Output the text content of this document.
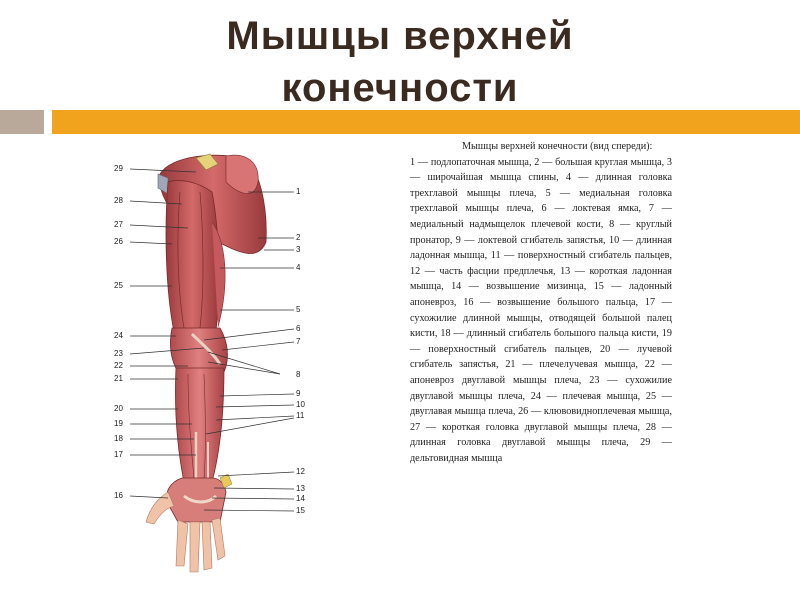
Мышцы верхней
конечности
29
28
27
26
25
24
23
22
21
20
19
18
17
16
1
2
3
4
5
6
7
8
9
10
11
12
13
14
15

Мышцы верхней конечности (вид спереди):

1 — подлопаточная мышца, 2 — большая круглая мышца, 3 — широчайшая мышца спины, 4 — длинная головка трехглавой мышцы плеча, 5 — медиальная головка трехглавой мышцы плеча, 6 — локтевая ямка, 7 — медиальный надмыщелок плечевой кости, 8 — круглый пронатор, 9 — локтевой сгибатель запястья, 10 — длинная ладонная мышца, 11 — поверхностный сгибатель пальцев, 12 — часть фасции предплечья, 13 — короткая ладонная мышца, 14 — возвышение мизинца, 15 — ладонный апоневроз, 16 — возвышение большого пальца, 17 — сухожилие длинной мышцы, отводящей большой палец кисти, 18 — длинный сгибатель большого пальца кисти, 19 — поверхностный сгибатель пальцев, 20 — лучевой сгибатель запястья, 21 — плечелучевая мышца, 22 — апоневроз двуглавой мышцы плеча, 23 — сухожилие двуглавой мышцы плеча, 24 — плечевая мышца, 25 — двуглавая мышца плеча, 26 — клювовидноплечевая мышца, 27 — короткая головка двуглавой мышцы плеча, 28 — длинная головка двуглавой мышцы плеча, 29 — дельтовидная мышца
